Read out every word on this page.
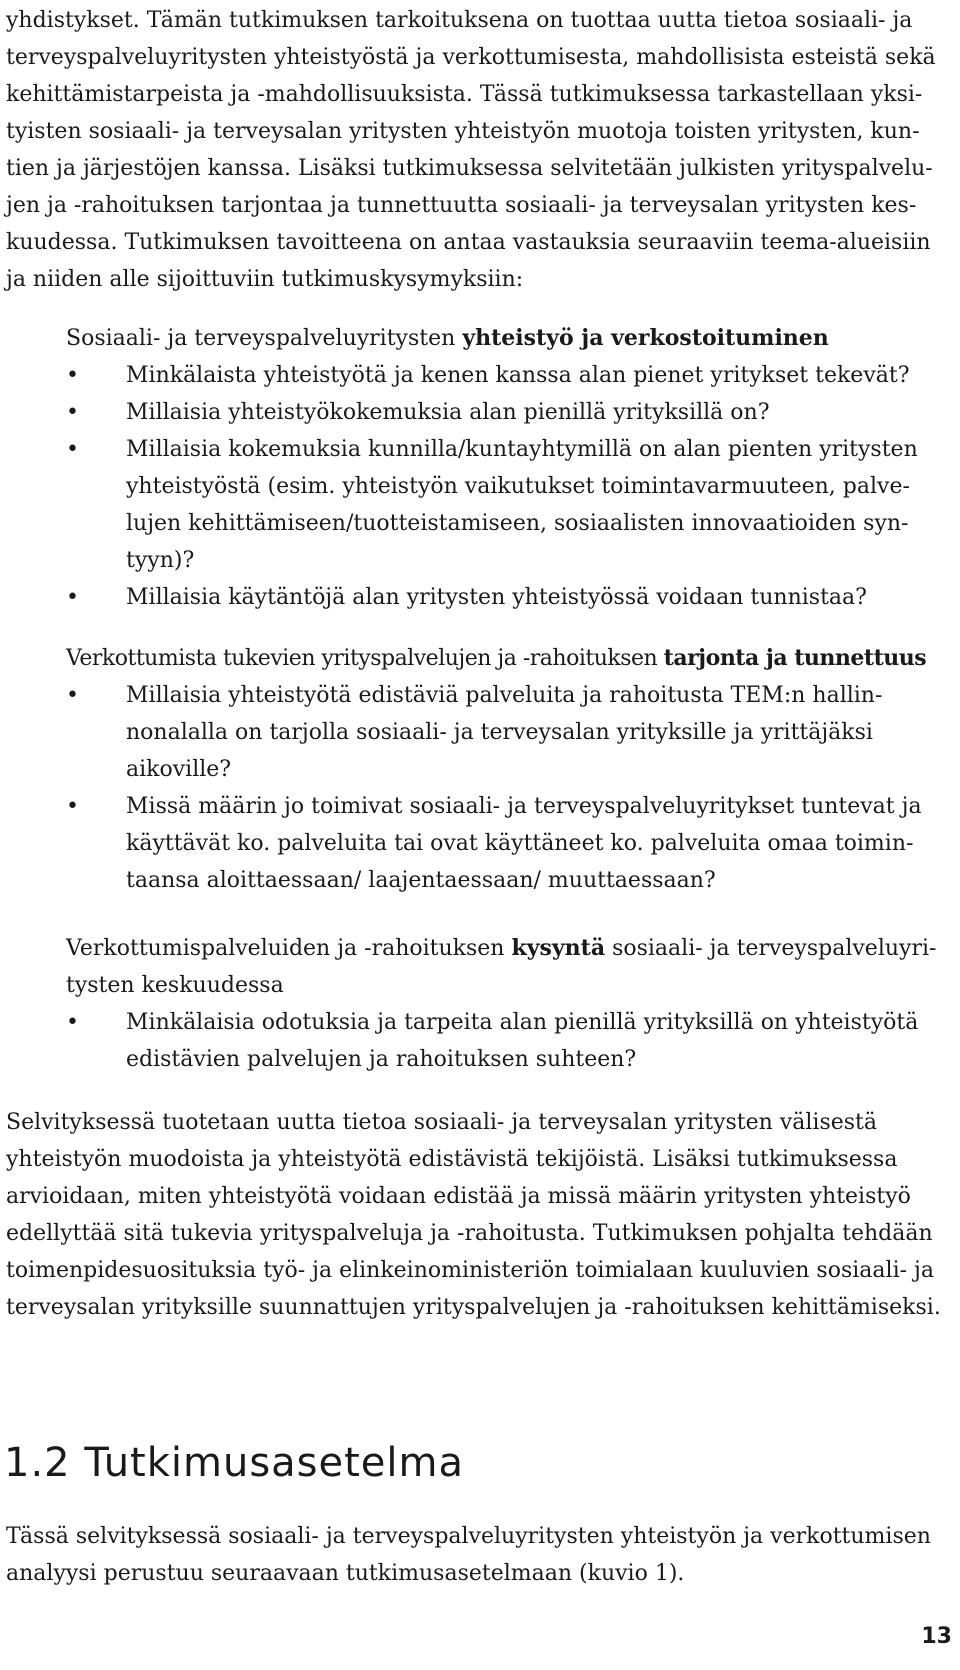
yhdistykset. Tämän tutkimuksen tarkoituksena on tuottaa uutta tietoa sosiaali- ja
terveyspalveluyritysten yhteistyöstä ja verkottumisesta, mahdollisista esteistä sekä
kehittämistarpeista ja -mahdollisuuksista. Tässä tutkimuksessa tarkastellaan yksi-
tyisten sosiaali- ja terveysalan yritysten yhteistyön muotoja toisten yritysten, kun-
tien ja järjestöjen kanssa. Lisäksi tutkimuksessa selvitetään julkisten yrityspalvelu-
jen ja -rahoituksen tarjontaa ja tunnettuutta sosiaali- ja terveysalan yritysten kes-
kuudessa. Tutkimuksen tavoitteena on antaa vastauksia seuraaviin teema-alueisiin
ja niiden alle sijoittuviin tutkimuskysymyksiin:
Sosiaali- ja terveyspalveluyritysten yhteistyö ja verkostoituminen
• Minkälaista yhteistyötä ja kenen kanssa alan pienet yritykset tekevät?
• Millaisia yhteistyökokemuksia alan pienillä yrityksillä on?
• Millaisia kokemuksia kunnilla/kuntayhtymillä on alan pienten yritysten
yhteistyöstä (esim. yhteistyön vaikutukset toimintavarmuuteen, palve-
lujen kehittämiseen/tuotteistamiseen, sosiaalisten innovaatioiden syn-
tyyn)?
• Millaisia käytäntöjä alan yritysten yhteistyössä voidaan tunnistaa?
Verkottumista tukevien yrityspalvelujen ja -rahoituksen tarjonta ja tunnettuus
• Millaisia yhteistyötä edistäviä palveluita ja rahoitusta TEM:n hallin-
nonalalla on tarjolla sosiaali- ja terveysalan yrityksille ja yrittäjäksi
aikoville?
• Missä määrin jo toimivat sosiaali- ja terveyspalveluyritykset tuntevat ja
käyttävät ko. palveluita tai ovat käyttäneet ko. palveluita omaa toimin-
taansa aloittaessaan/ laajentaessaan/ muuttaessaan?
Verkottumispalveluiden ja -rahoituksen kysyntä sosiaali- ja terveyspalveluyri-
tysten keskuudessa
• Minkälaisia odotuksia ja tarpeita alan pienillä yrityksillä on yhteistyötä
edistävien palvelujen ja rahoituksen suhteen?
Selvityksessä tuotetaan uutta tietoa sosiaali- ja terveysalan yritysten välisestä
yhteistyön muodoista ja yhteistyötä edistävistä tekijöistä. Lisäksi tutkimuksessa
arvioidaan, miten yhteistyötä voidaan edistää ja missä määrin yritysten yhteistyö
edellyttää sitä tukevia yrityspalveluja ja -rahoitusta. Tutkimuksen pohjalta tehdään
toimenpidesuosituksia työ- ja elinkeinoministeriön toimialaan kuuluvien sosiaali- ja
terveysalan yrityksille suunnattujen yrityspalvelujen ja -rahoituksen kehittämiseksi.
1.2 Tutkimusasetelma
Tässä selvityksessä sosiaali- ja terveyspalveluyritysten yhteistyön ja verkottumisen
analyysi perustuu seuraavaan tutkimusasetelmaan (kuvio 1).

13
